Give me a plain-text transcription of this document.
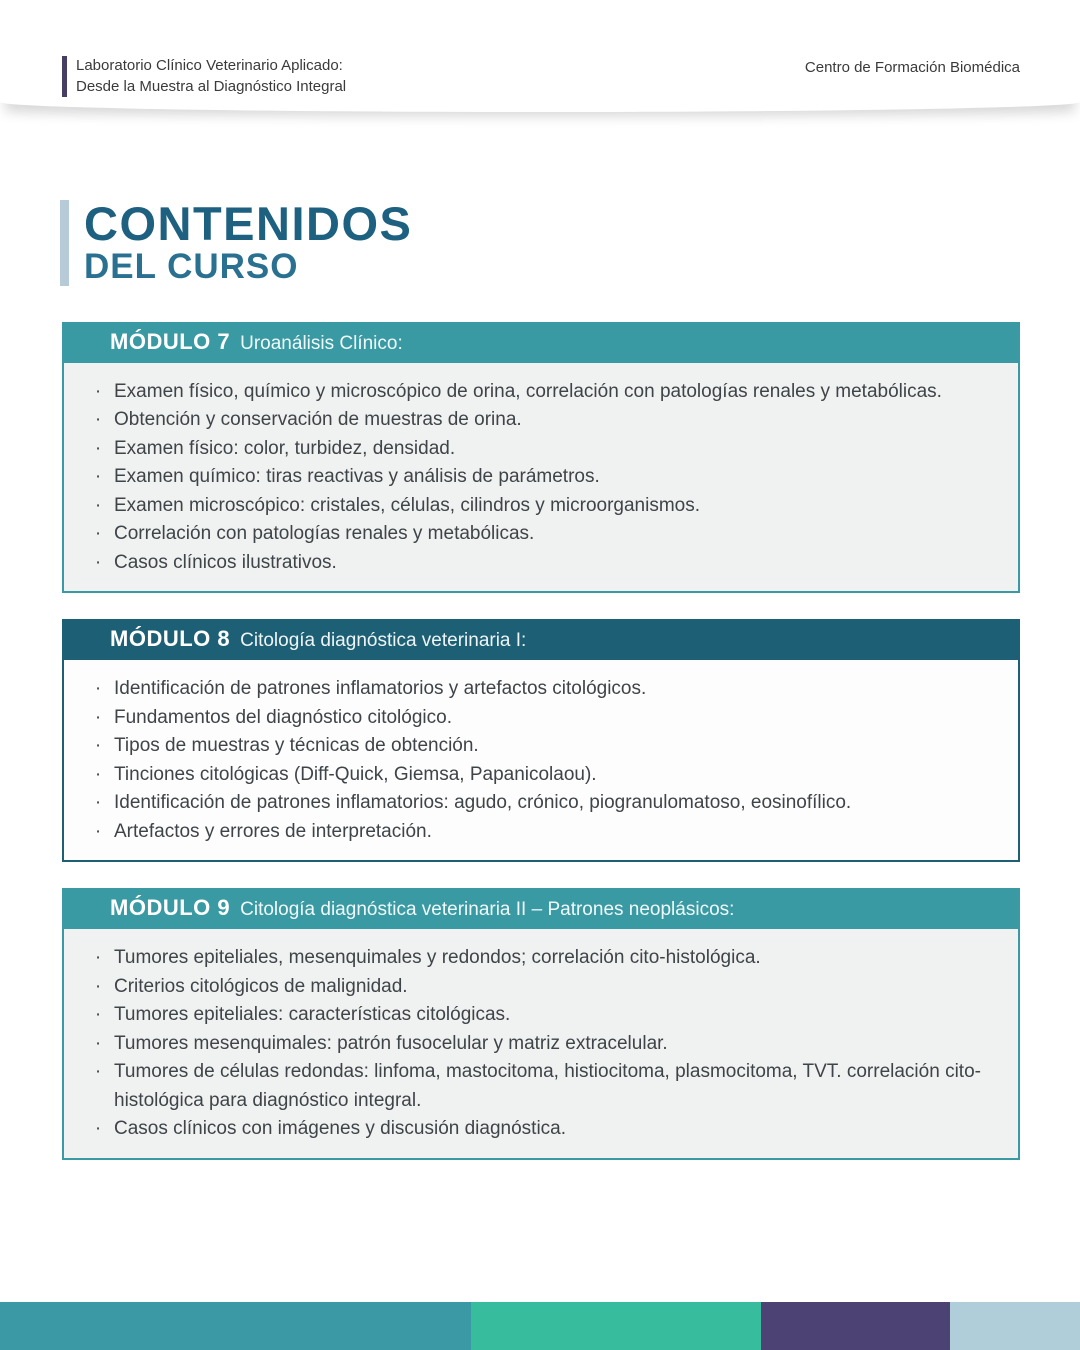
Laboratorio Clínico Veterinario Aplicado:
Desde la Muestra al Diagnóstico Integral
Centro de Formación Biomédica
CONTENIDOS
DEL CURSO
MÓDULO 7 Uroanálisis Clínico:
· Examen físico, químico y microscópico de orina, correlación con patologías renales y metabólicas.
· Obtención y conservación de muestras de orina.
· Examen físico: color, turbidez, densidad.
· Examen químico: tiras reactivas y análisis de parámetros.
· Examen microscópico: cristales, células, cilindros y microorganismos.
· Correlación con patologías renales y metabólicas.
· Casos clínicos ilustrativos.
MÓDULO 8 Citología diagnóstica veterinaria I:
· Identificación de patrones inflamatorios y artefactos citológicos.
· Fundamentos del diagnóstico citológico.
· Tipos de muestras y técnicas de obtención.
· Tinciones citológicas (Diff-Quick, Giemsa, Papanicolaou).
· Identificación de patrones inflamatorios: agudo, crónico, piogranulomatoso, eosinofílico.
· Artefactos y errores de interpretación.
MÓDULO 9 Citología diagnóstica veterinaria II – Patrones neoplásicos:
· Tumores epiteliales, mesenquimales y redondos; correlación cito-histológica.
· Criterios citológicos de malignidad.
· Tumores epiteliales: características citológicas.
· Tumores mesenquimales: patrón fusocelular y matriz extracelular.
· Tumores de células redondas: linfoma, mastocitoma, histiocitoma, plasmocitoma, TVT. correlación cito-histológica para diagnóstico integral.
· Casos clínicos con imágenes y discusión diagnóstica.
